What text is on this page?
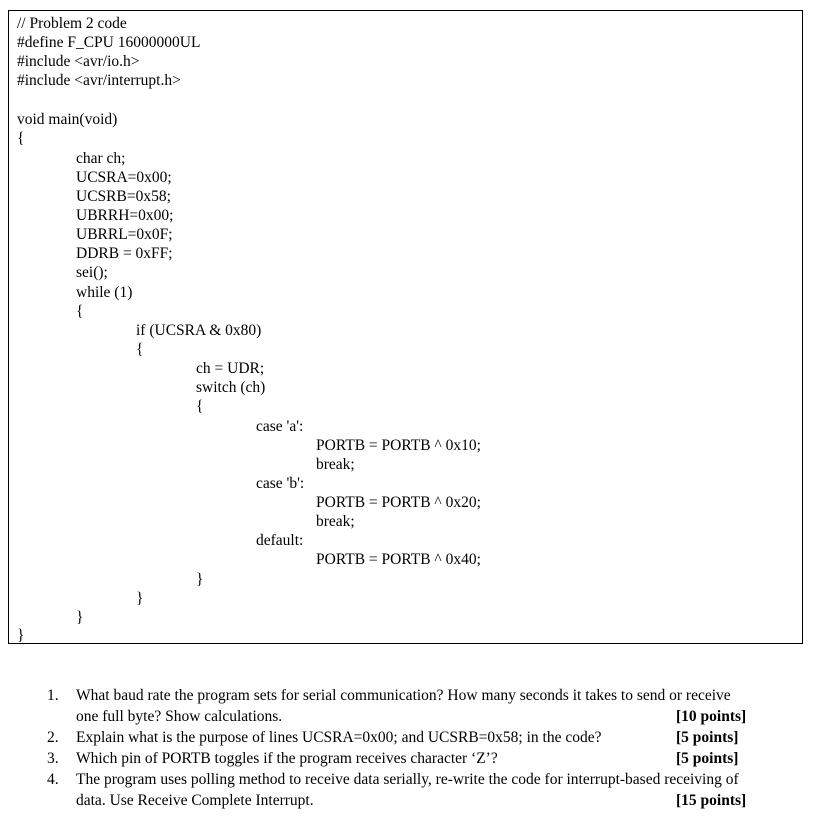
// Problem 2 code
#define F_CPU 16000000UL
#include <avr/io.h>
#include <avr/interrupt.h>
void main(void)
{
char ch;
UCSRA=0x00;
UCSRB=0x58;
UBRRH=0x00;
UBRRL=0x0F;
DDRB = 0xFF;
sei();
while (1)
{
if (UCSRA & 0x80)
{
ch = UDR;
switch (ch)
{
case 'a':
PORTB = PORTB ^ 0x10;
break;
case 'b':
PORTB = PORTB ^ 0x20;
break;
default:
PORTB = PORTB ^ 0x40;
}
}
}
}
1. What baud rate the program sets for serial communication? How many seconds it takes to send or receive
one full byte? Show calculations.	[10 points]
2. Explain what is the purpose of lines UCSRA=0x00; and UCSRB=0x58; in the code?	[5 points]
3. Which pin of PORTB toggles if the program receives character ‘Z’?	[5 points]
4. The program uses polling method to receive data serially, re-write the code for interrupt-based receiving of
data. Use Receive Complete Interrupt.	[15 points]
